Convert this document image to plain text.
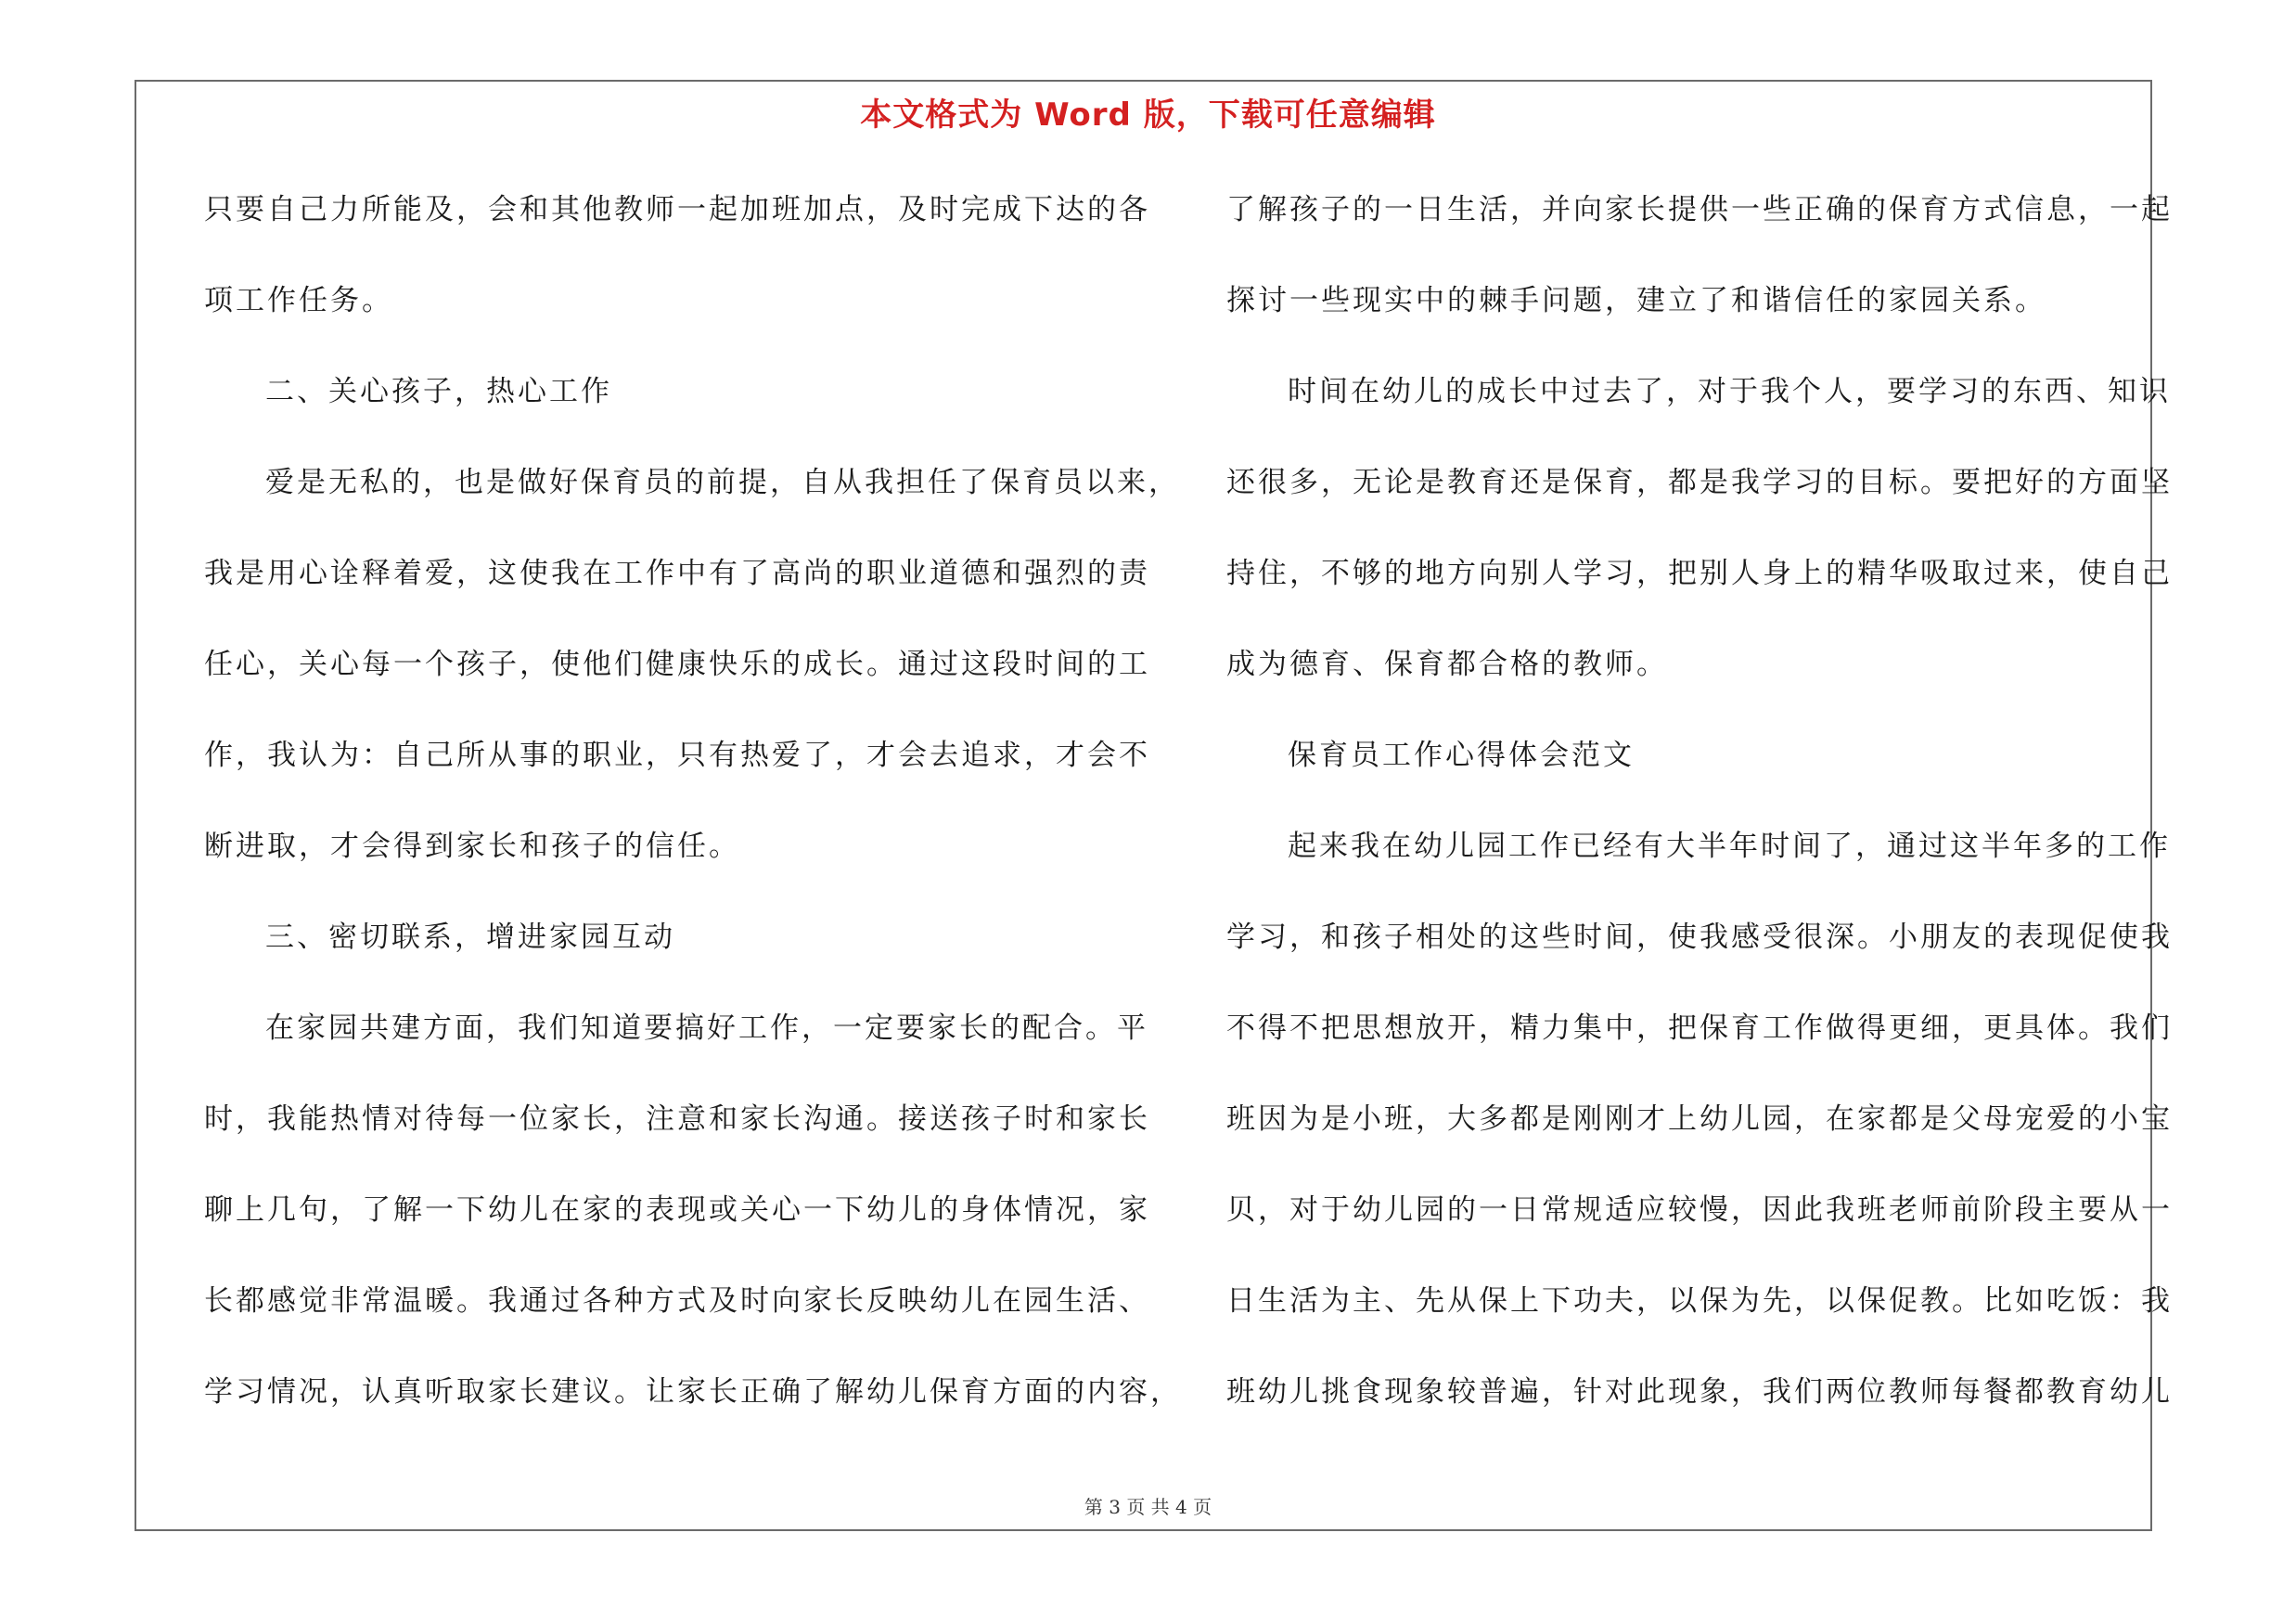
本文格式为 Word 版，下载可任意编辑
只要自己力所能及，会和其他教师一起加班加点，及时完成下达的各
项工作任务。
二、关心孩子，热心工作
爱是无私的，也是做好保育员的前提，自从我担任了保育员以来，
我是用心诠释着爱，这使我在工作中有了高尚的职业道德和强烈的责
任心，关心每一个孩子，使他们健康快乐的成长。通过这段时间的工
作，我认为：自己所从事的职业，只有热爱了，才会去追求，才会不
断进取，才会得到家长和孩子的信任。
三、密切联系，增进家园互动
在家园共建方面，我们知道要搞好工作，一定要家长的配合。平
时，我能热情对待每一位家长，注意和家长沟通。接送孩子时和家长
聊上几句，了解一下幼儿在家的表现或关心一下幼儿的身体情况，家
长都感觉非常温暖。我通过各种方式及时向家长反映幼儿在园生活、
学习情况，认真听取家长建议。让家长正确了解幼儿保育方面的内容，
了解孩子的一日生活，并向家长提供一些正确的保育方式信息，一起
探讨一些现实中的棘手问题，建立了和谐信任的家园关系。
时间在幼儿的成长中过去了，对于我个人，要学习的东西、知识
还很多，无论是教育还是保育，都是我学习的目标。要把好的方面坚
持住，不够的地方向别人学习，把别人身上的精华吸取过来，使自己
成为德育、保育都合格的教师。
保育员工作心得体会范文
起来我在幼儿园工作已经有大半年时间了，通过这半年多的工作
学习，和孩子相处的这些时间，使我感受很深。小朋友的表现促使我
不得不把思想放开，精力集中，把保育工作做得更细，更具体。我们
班因为是小班，大多都是刚刚才上幼儿园，在家都是父母宠爱的小宝
贝，对于幼儿园的一日常规适应较慢，因此我班老师前阶段主要从一
日生活为主、先从保上下功夫，以保为先，以保促教。比如吃饭：我
班幼儿挑食现象较普遍，针对此现象，我们两位教师每餐都教育幼儿
第 3 页 共 4 页
